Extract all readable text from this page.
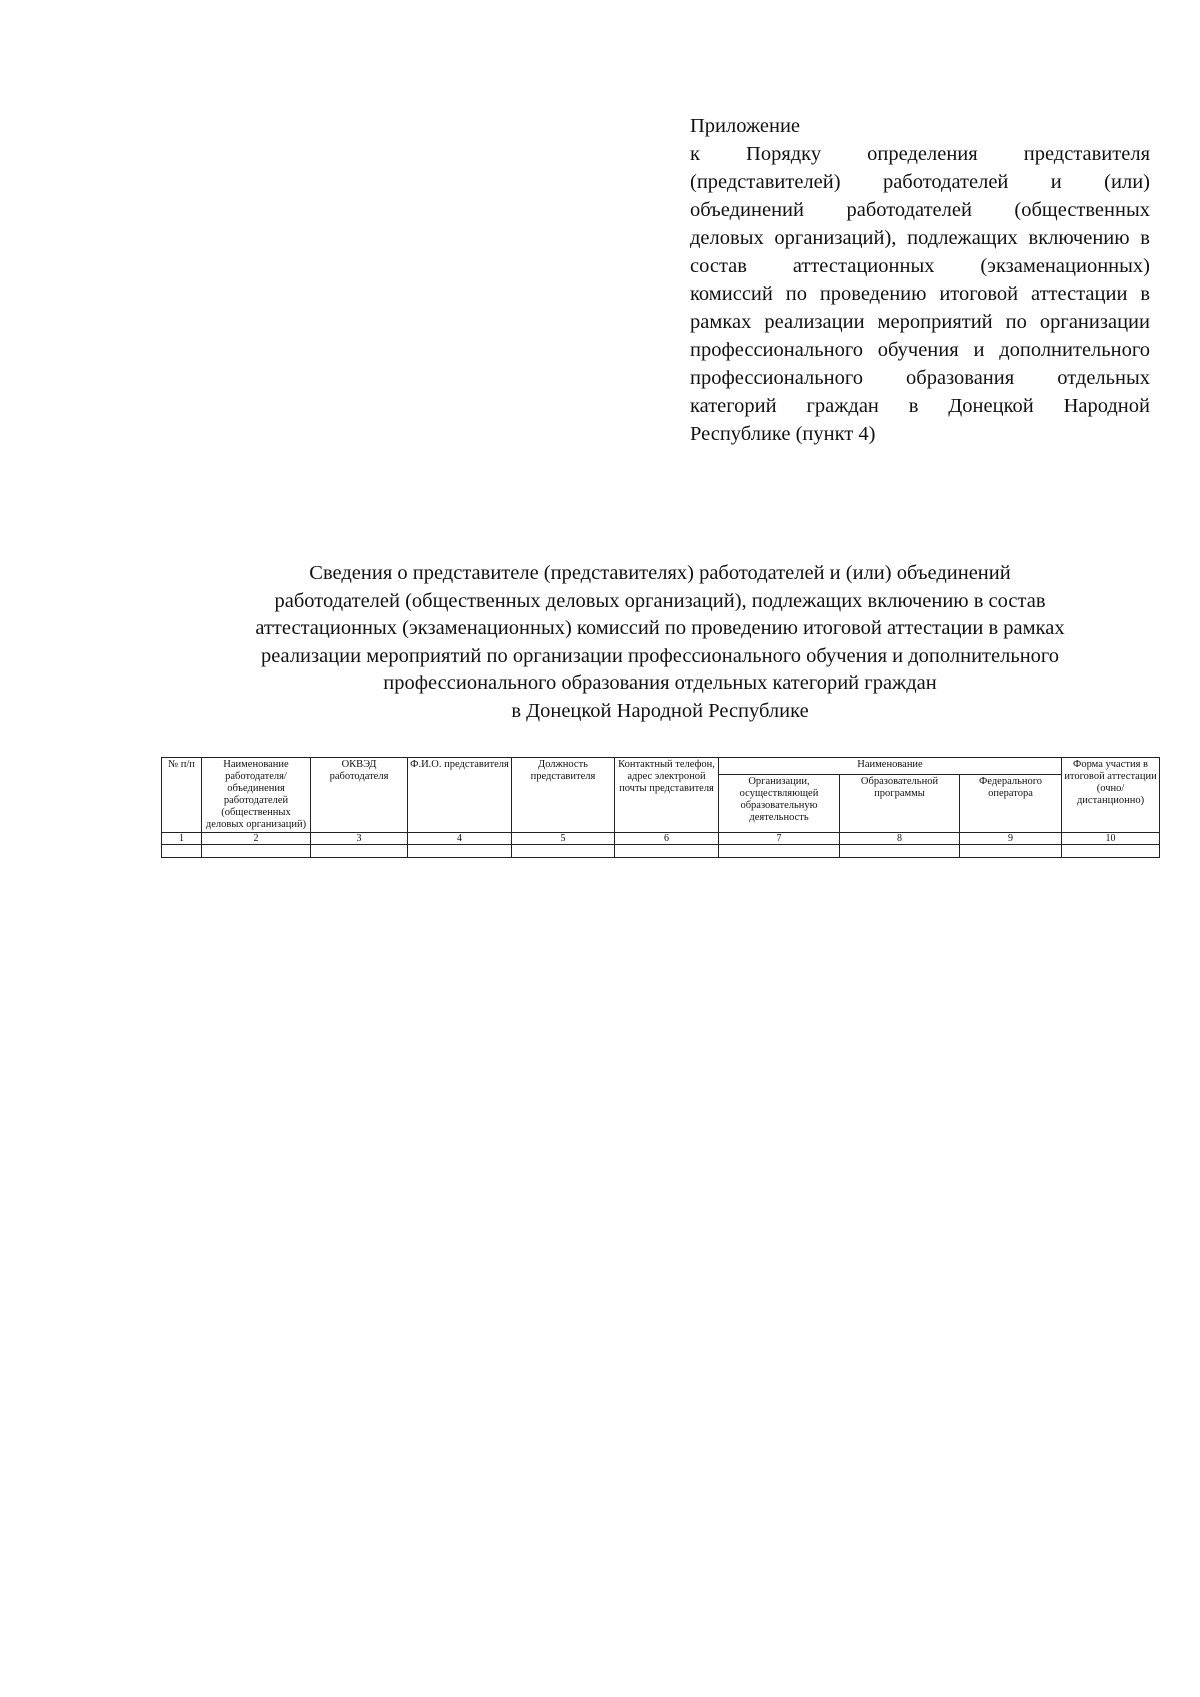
Приложение
к Порядку определения представителя (представителей) работодателей и (или) объединений работодателей (общественных деловых организаций), подлежащих включению в состав аттестационных (экзаменационных) комиссий по проведению итоговой аттестации в рамках реализации мероприятий по организации профессионального обучения и дополнительного профессионального образования отдельных категорий граждан в Донецкой Народной Республике (пункт 4)
Сведения о представителе (представителях) работодателей и (или) объединений
работодателей (общественных деловых организаций), подлежащих включению в состав
аттестационных (экзаменационных) комиссий по проведению итоговой аттестации в рамках
реализации мероприятий по организации профессионального обучения и дополнительного
профессионального образования отдельных категорий граждан
в Донецкой Народной Республике
№ п/п	Наименование работодателя/ объединения работодателей (общественных деловых организаций)	ОКВЭД работодателя	Ф.И.О. представителя	Должность представителя	Контактный телефон, адрес электроной почты представителя	Наименование			Форма участия в итоговой аттестации (очно/ дистанционно)
						Организации, осуществляющей образовательную деятельность	Образовательной программы	Федерального оператора	
1	2	3	4	5	6	7	8	9	10
